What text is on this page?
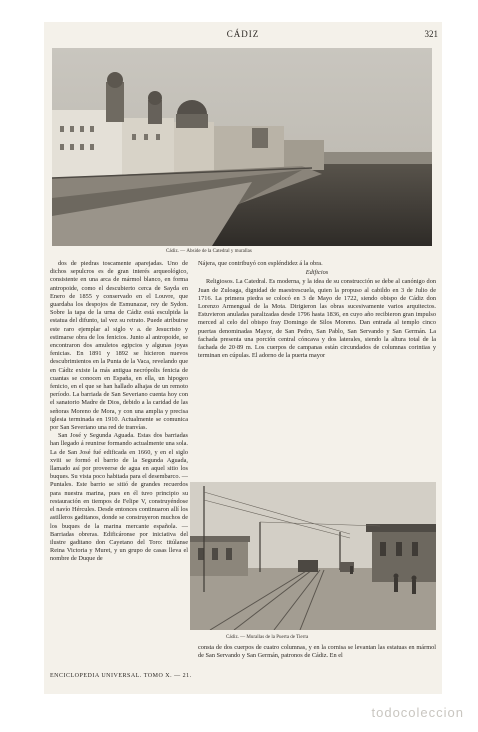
CÁDIZ	321
Cádiz. — Ábside de la Catedral y murallas

dos de piedras toscamente aparejadas. Uno de dichos sepulcros es de gran interés arqueológico, consistente en una arca de mármol blanco, en forma antropoide, como el descubierto cerca de Sayda en Enero de 1855 y conservado en el Louvre, que guardaba los despojos de Esmunazar, rey de Sydon. Sobre la tapa de la urna de Cádiz está esculpida la estatua del difunto, tal vez su retrato. Puede atribuirse este raro ejemplar al siglo v a. de Jesucristo y estimarse obra de los fenicios. Junto al antropoide, se encontraron dos amuletos egipcios y algunas joyas fenicias. En 1891 y 1892 se hicieron nuevos descubrimientos en la Punta de la Vaca, revelando que en Cádiz existe la más antigua necrópolis fenicia de cuantas se conocen en España, en ella, un hipogeo fenicio, en el que se han hallado alhajas de un remoto período. La barriada de San Severiano cuenta hoy con el sanatorio Madre de Dios, debido a la caridad de las señoras Moreno de Mora, y con una amplia y precisa iglesia terminada en 1910. Actualmente se comunica por San Severiano una red de tranvías.

San José y Segunda Aguada. Estas dos barriadas han llegado á reunirse formando actualmente una sola. La de San José fué edificada en 1660, y en el siglo xviii se formó el barrio de la Segunda Aguada, llamado así por proveerse de agua en aquel sitio los buques. Su vista poco habitada para el desembarco. — Puntales. Este barrio se sitió de grandes recuerdos para nuestra marina, pues en él tuvo principio su restauración en tiempos de Felipe V, construyéndose el navío Hércules. Desde entonces continuaron allí los astilleros gaditanos, donde se construyeron muchos de los buques de la marina mercante española. — Barriadas obreras. Edificáronse por iniciativa del ilustre gaditano don Cayetano del Toro: titúlanse Reina Victoria y Muret, y un grupo de casas lleva el nombre de Duque de

Nájera, que contribuyó con espléndidez á la obra.

Edificios

Religiosos. La Catedral. Es moderna, y la idea de su construcción se debe al canónigo don Juan de Zuloaga, dignidad de maestrescuela, quien la propuso al cabildo en 3 de Julio de 1716. La primera piedra se colocó en 3 de Mayo de 1722, siendo obispo de Cádiz don Lorenzo Armengual de la Mota. Dirigieron las obras sucesivamente varios arquitectos. Estuvieron anuladas paralizadas desde 1796 hasta 1836, en cuyo año recibieron gran impulso merced al celo del obispo fray Domingo de Silos Moreno. Dan entrada al templo cinco puertas denominadas Mayor, de San Pedro, San Pablo, San Servando y San Germán. La fachada presenta una porción central cóncava y dos laterales, siendo la altura total de la fachada de 20·89 m. Los cuerpos de campanas están circundados de columnas corintias y terminan en cúpulas. El adorno de la puerta mayor

Cádiz. — Murallas de la Puerta de Tierra

consta de dos cuerpos de cuatro columnas, y en la cornisa se levantan las estatuas en mármol de San Servando y San Germán, patronos de Cádiz. En el

ENCICLOPEDIA UNIVERSAL. TOMO X. — 21.
todocoleccion
